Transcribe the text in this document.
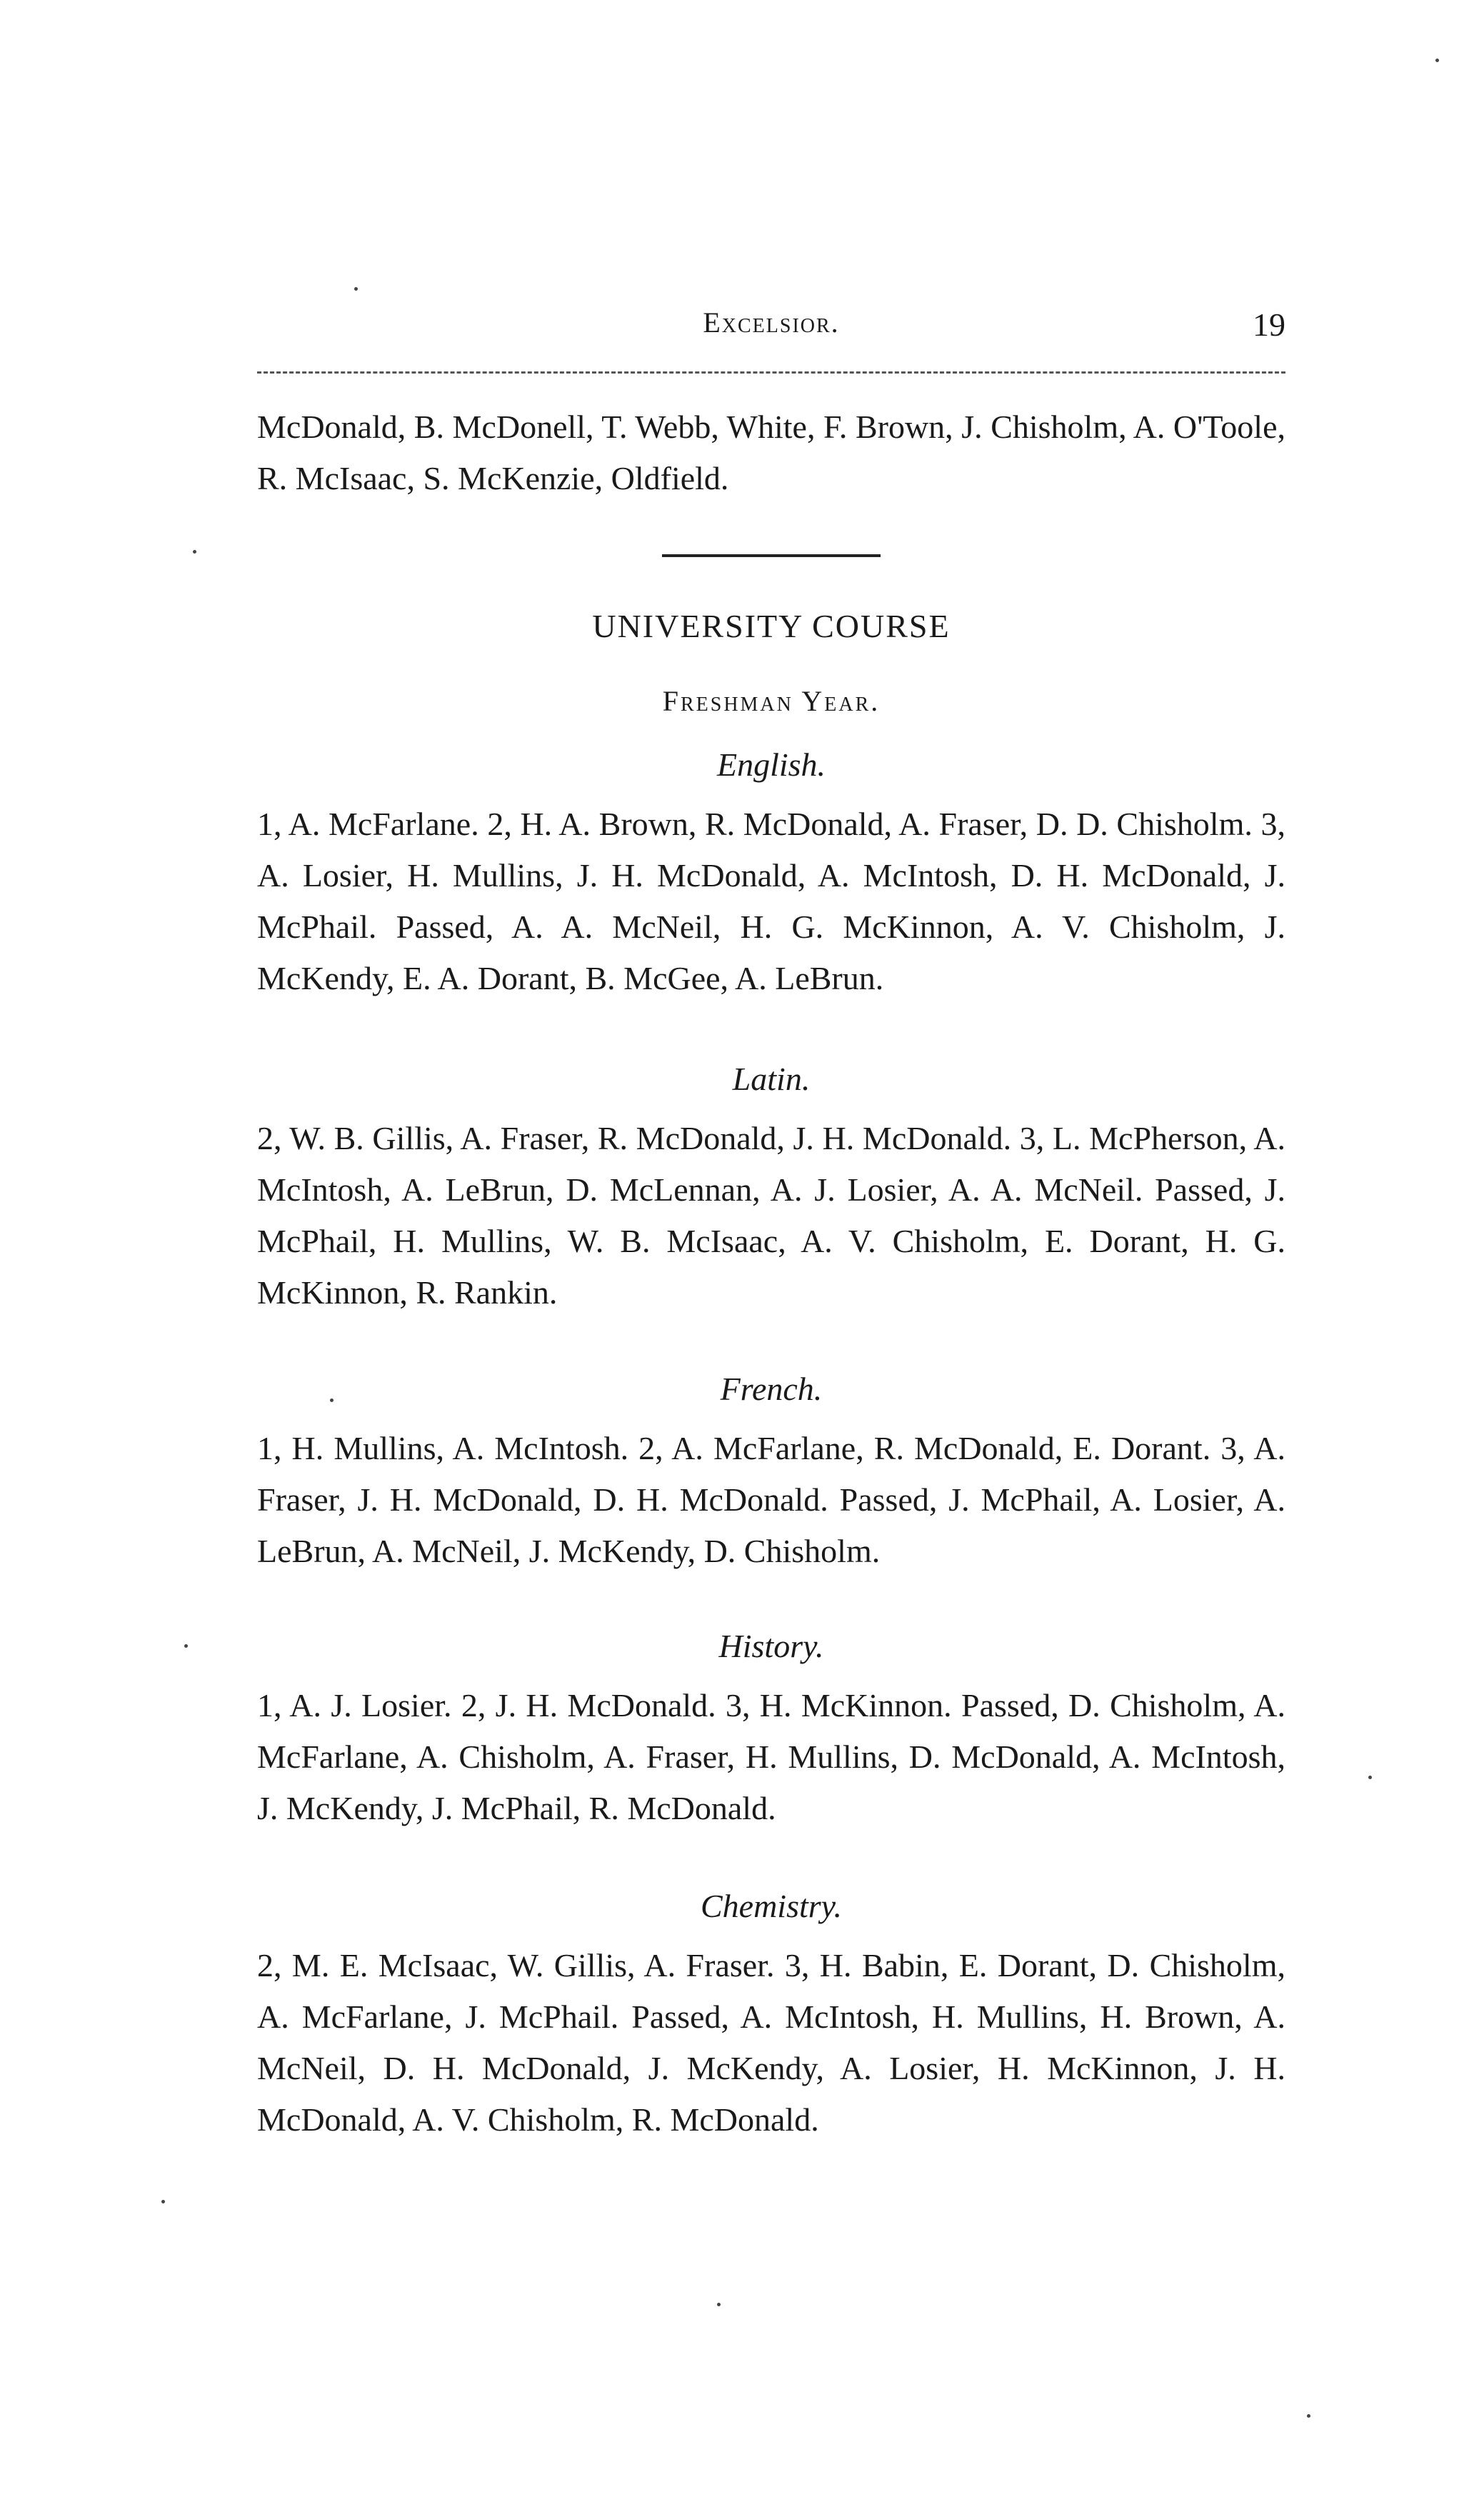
Excelsior.	19
McDonald, B. McDonell, T. Webb, White, F. Brown, J. Chisholm, A. O'Toole, R. McIsaac, S. McKenzie, Oldfield.
UNIVERSITY COURSE
Freshman Year.
English.
1, A. McFarlane. 2, H. A. Brown, R. McDonald, A. Fraser, D. D. Chisholm. 3, A. Losier, H. Mullins, J. H. McDonald, A. McIntosh, D. H. McDonald, J. McPhail. Passed, A. A. McNeil, H. G. McKinnon, A. V. Chisholm, J. McKendy, E. A. Dorant, B. McGee, A. LeBrun.
Latin.
2, W. B. Gillis, A. Fraser, R. McDonald, J. H. McDonald. 3, L. McPherson, A. McIntosh, A. LeBrun, D. McLennan, A. J. Losier, A. A. McNeil. Passed, J. McPhail, H. Mullins, W. B. McIsaac, A. V. Chisholm, E. Dorant, H. G. McKinnon, R. Rankin.
French.
1, H. Mullins, A. McIntosh. 2, A. McFarlane, R. McDonald, E. Dorant. 3, A. Fraser, J. H. McDonald, D. H. McDonald. Passed, J. McPhail, A. Losier, A. LeBrun, A. McNeil, J. McKendy, D. Chisholm.
History.
1, A. J. Losier. 2, J. H. McDonald. 3, H. McKinnon. Passed, D. Chisholm, A. McFarlane, A. Chisholm, A. Fraser, H. Mullins, D. McDonald, A. McIntosh, J. McKendy, J. McPhail, R. McDonald.
Chemistry.
2, M. E. McIsaac, W. Gillis, A. Fraser. 3, H. Babin, E. Dorant, D. Chisholm, A. McFarlane, J. McPhail. Passed, A. McIntosh, H. Mullins, H. Brown, A. McNeil, D. H. McDonald, J. McKendy, A. Losier, H. McKinnon, J. H. McDonald, A. V. Chisholm, R. McDonald.
